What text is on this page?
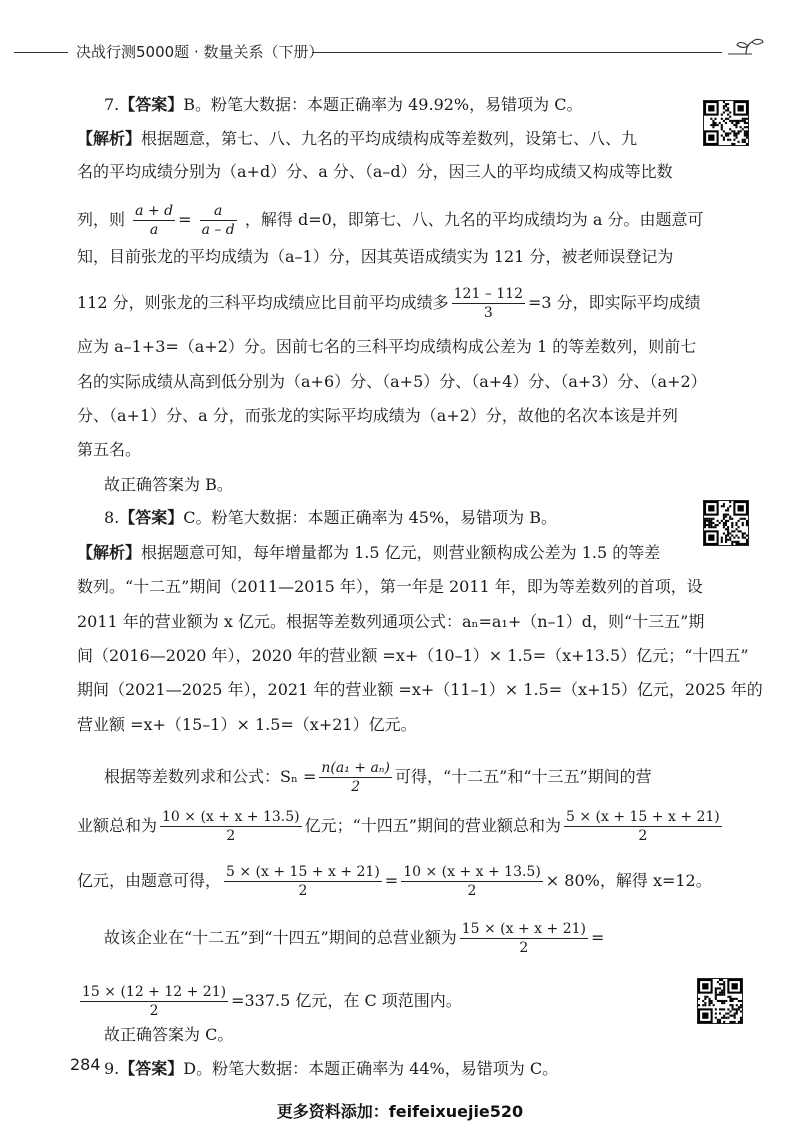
决战行测5000题 · 数量关系（下册）
7.【答案】B。粉笔大数据：本题正确率为 49.92%，易错项为 C。
【解析】根据题意，第七、八、九名的平均成绩构成等差数列，设第七、八、九
名的平均成绩分别为（a+d）分、a 分、（a–d）分，因三人的平均成绩又构成等比数
列，则 $\frac{a + d}{a} = \frac{a}{a - d}$ ，解得 d=0，即第七、八、九名的平均成绩均为 a 分。由题意可
知，目前张龙的平均成绩为（a–1）分，因其英语成绩实为 121 分，被老师误登记为
112 分，则张龙的三科平均成绩应比目前平均成绩多 $\frac{121 - 112}{3} =3$ 分，即实际平均成绩
应为 a–1+3=（a+2）分。因前七名的三科平均成绩构成公差为 1 的等差数列，则前七
名的实际成绩从高到低分别为（a+6）分、（a+5）分、（a+4）分、（a+3）分、（a+2）
分、（a+1）分、a 分，而张龙的实际平均成绩为（a+2）分，故他的名次本该是并列
第五名。
故正确答案为 B。
8.【答案】C。粉笔大数据：本题正确率为 45%，易错项为 B。
【解析】根据题意可知，每年增量都为 1.5 亿元，则营业额构成公差为 1.5 的等差
数列。“十二五”期间（2011—2015 年），第一年是 2011 年，即为等差数列的首项，设
2011 年的营业额为 x 亿元。根据等差数列通项公式：aₙ=a₁+（n–1）d，则“十三五”期
间（2016—2020 年），2020 年的营业额 =x+（10–1）× 1.5=（x+13.5）亿元；“十四五”
期间（2021—2025 年），2021 年的营业额 =x+（11–1）× 1.5=（x+15）亿元，2025 年的
营业额 =x+（15–1）× 1.5=（x+21）亿元。
根据等差数列求和公式：$S_n = \frac{\text{n(a₁ + aₙ)}}{2}$ 可得，“十二五”和“十三五”期间的营
业额总和为 $\frac{10 \times (x + x + 13.5)}{2}$ 亿元；“十四五”期间的营业额总和为 $\frac{5 \times (x + 15 + x + 21)}{2}$
亿元，由题意可得， $\frac{5 \times (x + 15 + x + 21)}{2} = \frac{10 \times (x + x + 13.5)}{2} \times 80\%$，解得 x=12。
故该企业在“十二五”到“十四五”期间的总营业额为 $\frac{15 \times (x + x + 21)}{2}$ =
$\frac{15 \times (12 + 12 + 21)}{2} =337.5$ 亿元，在 C 项范围内。
故正确答案为 C。
9.【答案】D。粉笔大数据：本题正确率为 44%，易错项为 C。
284
更多资料添加：feifeixuejie520
